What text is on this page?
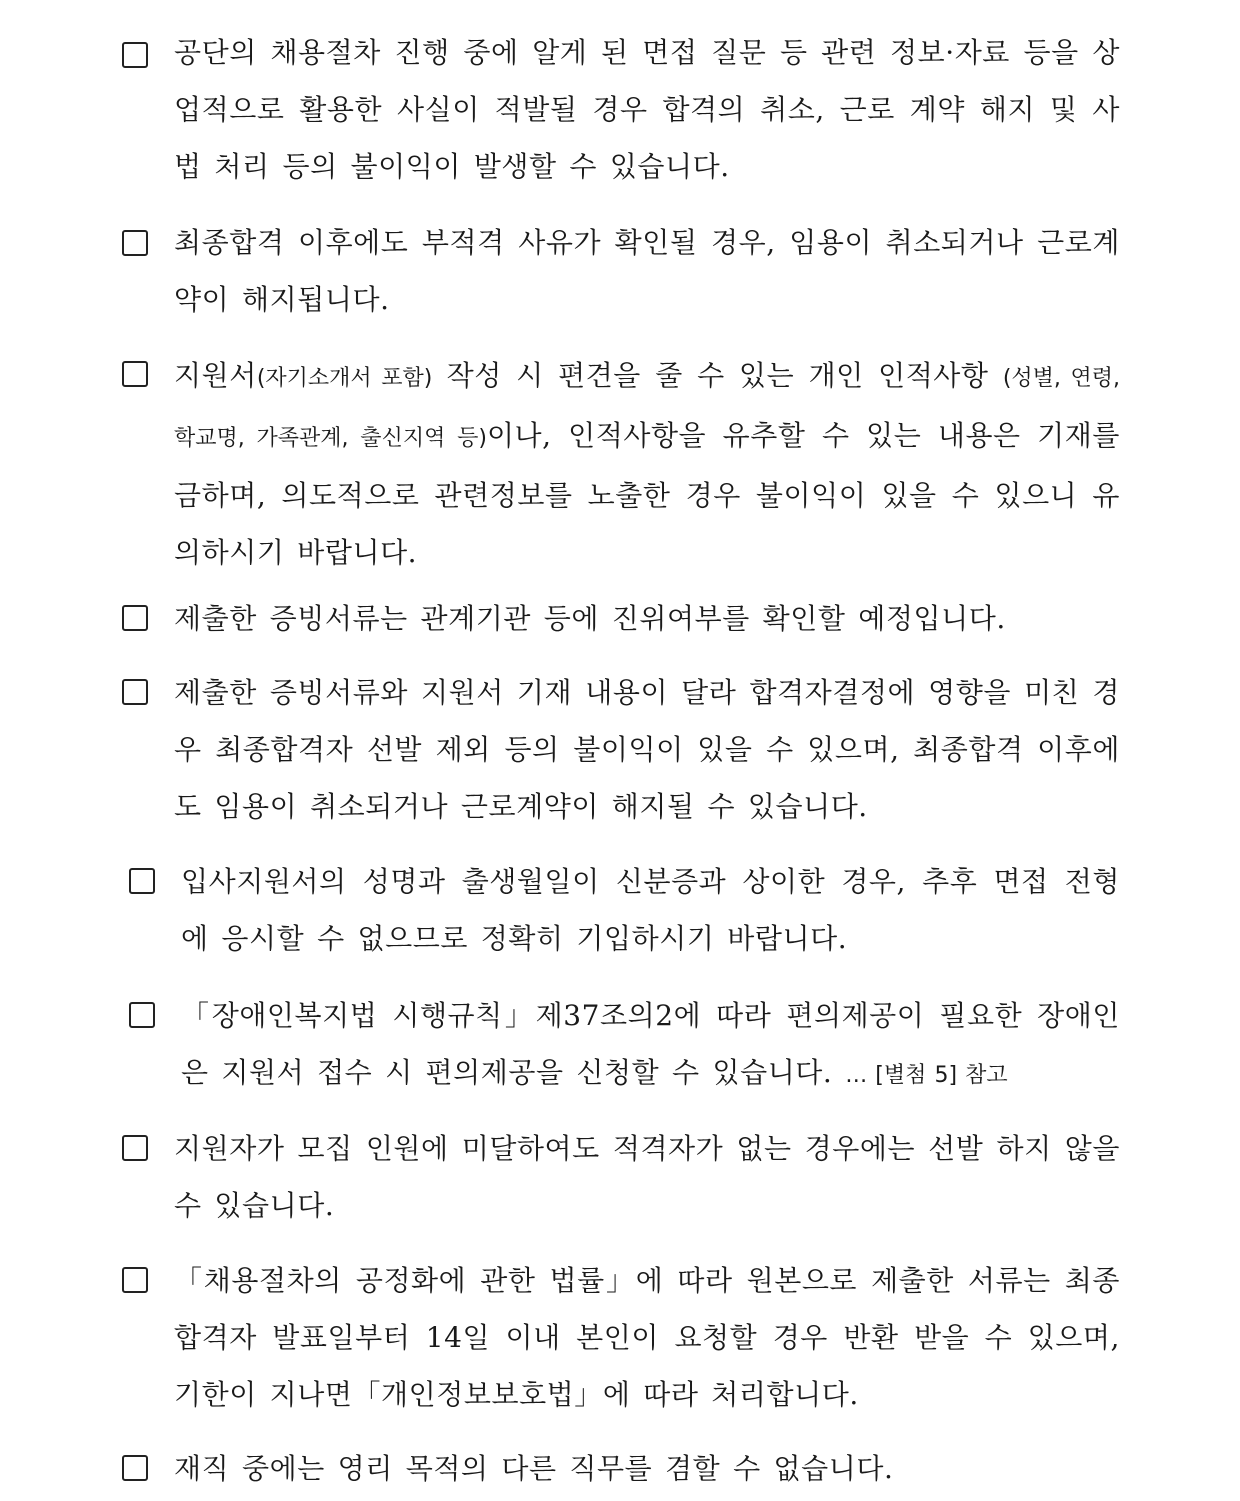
공단의 채용절차 진행 중에 알게 된 면접 질문 등 관련 정보·자료 등을 상업적으로 활용한 사실이 적발될 경우 합격의 취소, 근로 계약 해지 및 사법 처리 등의 불이익이 발생할 수 있습니다.
최종합격 이후에도 부적격 사유가 확인될 경우, 임용이 취소되거나 근로계약이 해지됩니다.
지원서(자기소개서 포함) 작성 시 편견을 줄 수 있는 개인 인적사항 (성별, 연령, 학교명, 가족관계, 출신지역 등)이나, 인적사항을 유추할 수 있는 내용은 기재를 금하며, 의도적으로 관련정보를 노출한 경우 불이익이 있을 수 있으니 유의하시기 바랍니다.
제출한 증빙서류는 관계기관 등에 진위여부를 확인할 예정입니다.
제출한 증빙서류와 지원서 기재 내용이 달라 합격자결정에 영향을 미친 경우 최종합격자 선발 제외 등의 불이익이 있을 수 있으며, 최종합격 이후에도 임용이 취소되거나 근로계약이 해지될 수 있습니다.
입사지원서의 성명과 출생월일이 신분증과 상이한 경우, 추후 면접 전형에 응시할 수 없으므로 정확히 기입하시기 바랍니다.
「장애인복지법 시행규칙」제37조의2에 따라 편의제공이 필요한 장애인은 지원서 접수 시 편의제공을 신청할 수 있습니다. … [별첨 5] 참고
지원자가 모집 인원에 미달하여도 적격자가 없는 경우에는 선발 하지 않을 수 있습니다.
「채용절차의 공정화에 관한 법률」에 따라 원본으로 제출한 서류는 최종합격자 발표일부터 14일 이내 본인이 요청할 경우 반환 받을 수 있으며, 기한이 지나면「개인정보보호법」에 따라 처리합니다.
재직 중에는 영리 목적의 다른 직무를 겸할 수 없습니다.
